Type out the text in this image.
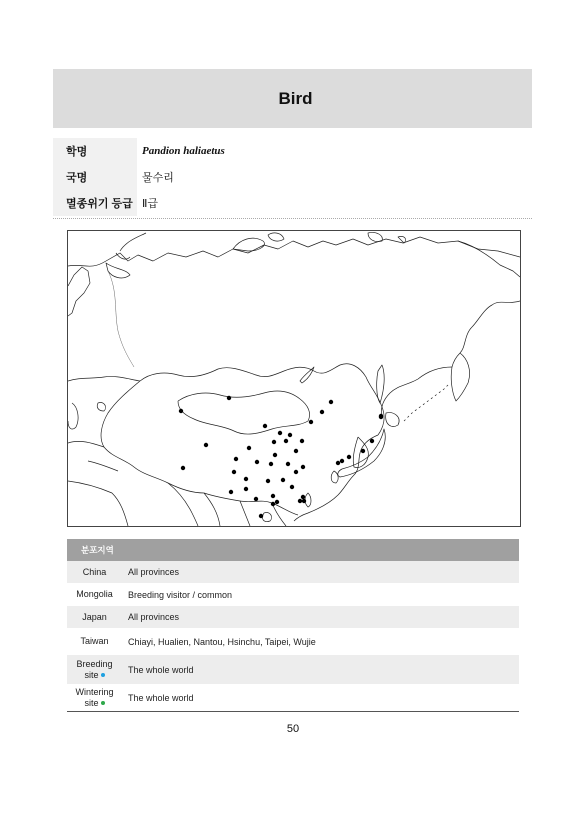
Bird
학명	Pandion haliaetus
국명	물수리
멸종위기 등급 Ⅱ급
분포지역
China	All provinces
Mongolia	Breeding visitor / common
Japan	All provinces
Taiwan	Chiayi, Hualien, Nantou, Hsinchu, Taipei, Wujie
Breeding
site	The whole world
Wintering
site	The whole world
50
